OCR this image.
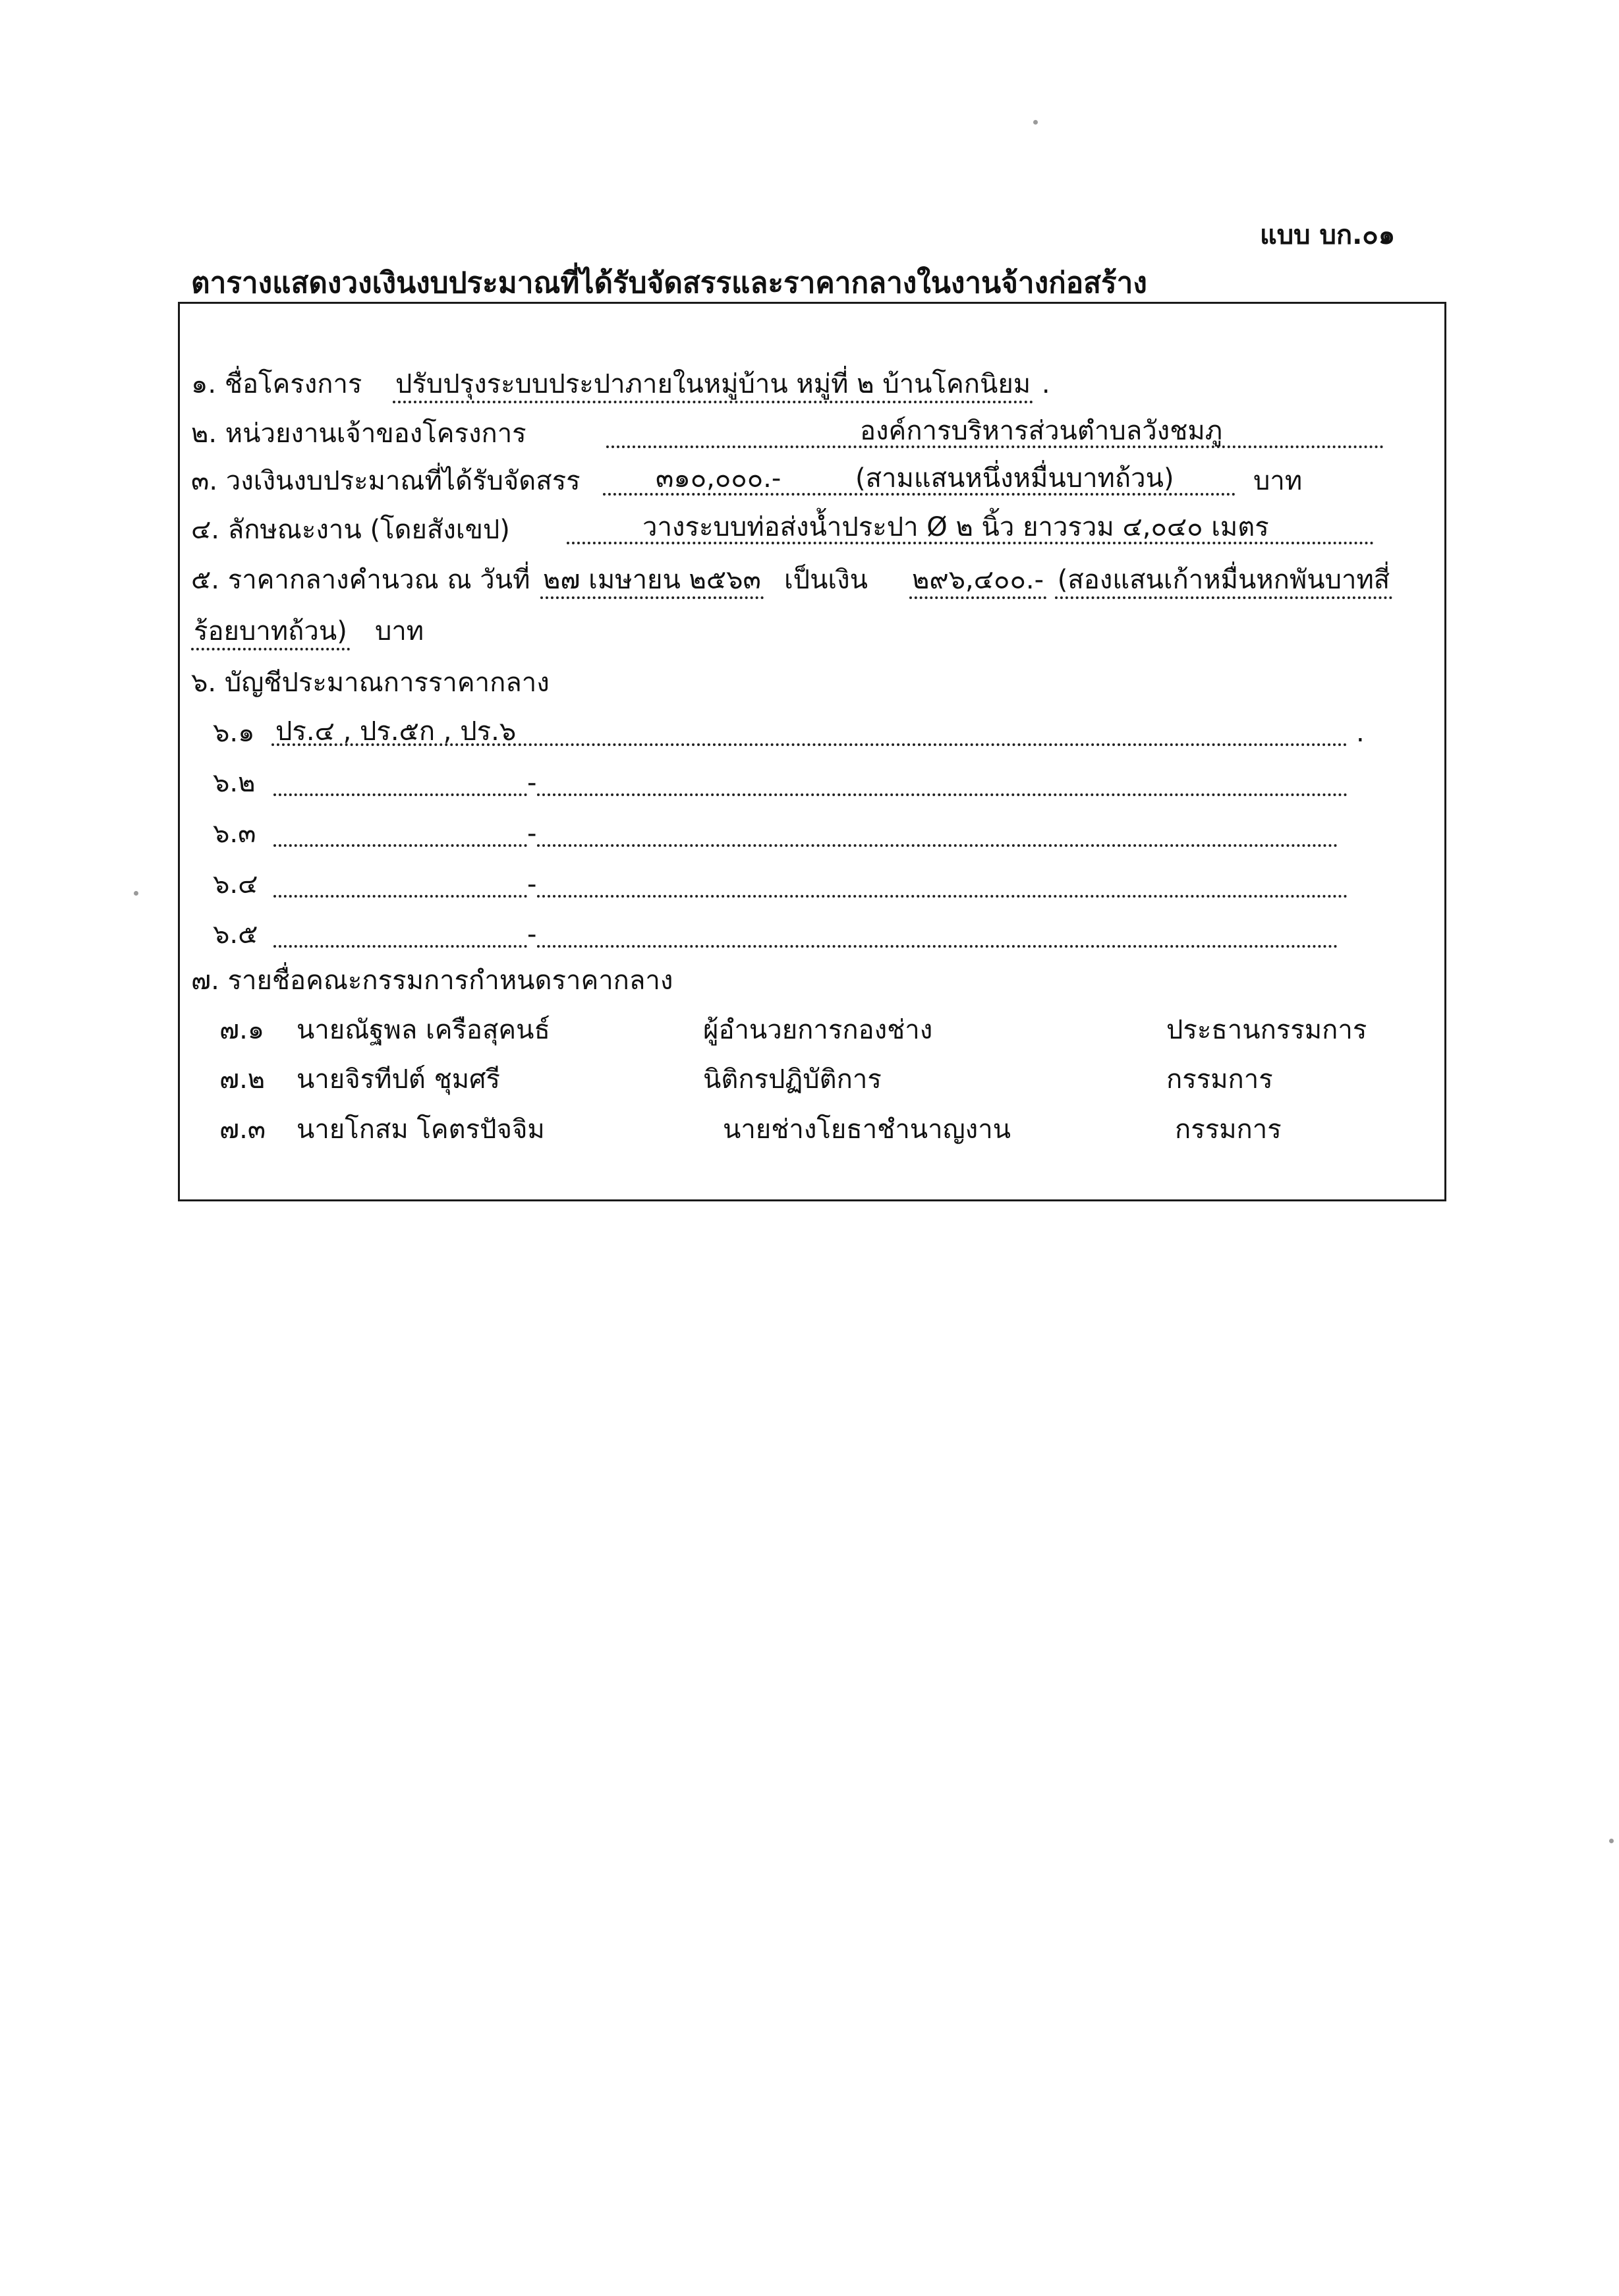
แบบ บก.๐๑
ตารางแสดงวงเงินงบประมาณที่ได้รับจัดสรรและราคากลางในงานจ้างก่อสร้าง
๑. ชื่อโครงการ ปรับปรุงระบบประปาภายในหมู่บ้าน หมู่ที่ ๒ บ้านโคกนิยม .
๒. หน่วยงานเจ้าของโครงการ	องค์การบริหารส่วนตำบลวังชมภู
๓. วงเงินงบประมาณที่ได้รับจัดสรร	๓๑๐,๐๐๐.-	(สามแสนหนึ่งหมื่นบาทถ้วน)	บาท
๔. ลักษณะงาน (โดยสังเขป)	วางระบบท่อส่งน้ำประปา Ø ๒ นิ้ว ยาวรวม ๔,๐๔๐ เมตร
๕. ราคากลางคำนวณ ณ วันที่ ๒๗ เมษายน ๒๕๖๓ เป็นเงิน ๒๙๖,๔๐๐.- (สองแสนเก้าหมื่นหกพันบาทสี่
ร้อยบาทถ้วน) บาท
๖. บัญชีประมาณการราคากลาง
๖.๑ ปร.๔ , ปร.๕ก , ปร.๖	.
๖.๒	-
๖.๓	-
๖.๔	-
๖.๕	-
๗. รายชื่อคณะกรรมการกำหนดราคากลาง
๗.๑ นายณัฐพล เครือสุคนธ์	ผู้อำนวยการกองช่าง	ประธานกรรมการ
๗.๒ นายจิรทีปต์ ชุมศรี	นิติกรปฏิบัติการ	กรรมการ
๗.๓ นายโกสม โคตรปัจจิม	นายช่างโยธาชำนาญงาน	กรรมการ
